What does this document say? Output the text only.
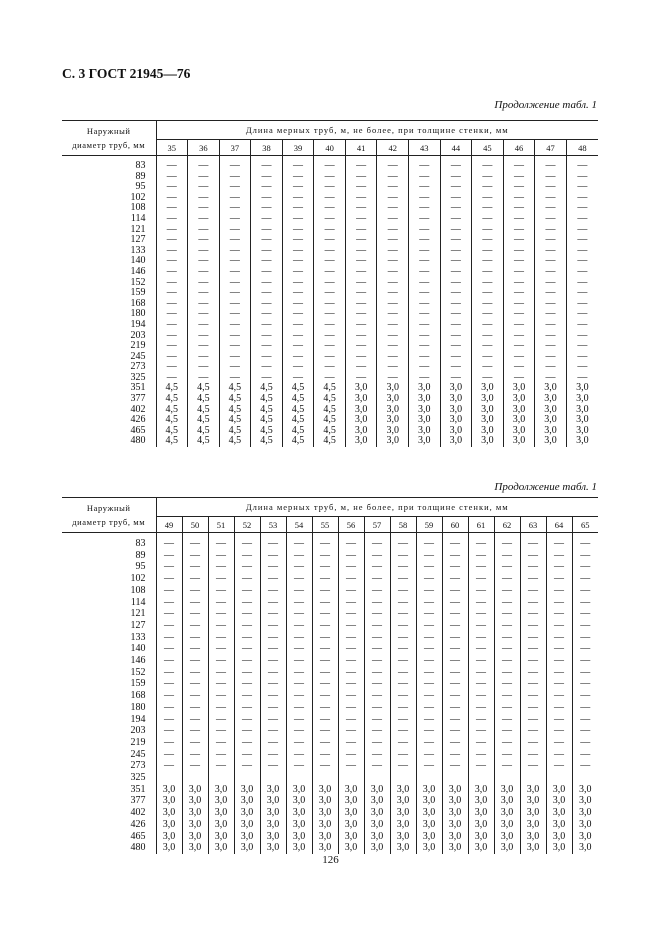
С. 3 ГОСТ 21945—76
Продолжение табл. 1
Наружный
диаметр труб, мм	Длина мерных труб, м, не более, при толщине стенки, мм													
	35	36	37	38	39	40	41	42	43	44	45	46	47	48

83	—	—	—	—	—	—	—	—	—	—	—	—	—	—
89	—	—	—	—	—	—	—	—	—	—	—	—	—	—
95	—	—	—	—	—	—	—	—	—	—	—	—	—	—
102	—	—	—	—	—	—	—	—	—	—	—	—	—	—
108	—	—	—	—	—	—	—	—	—	—	—	—	—	—
114	—	—	—	—	—	—	—	—	—	—	—	—	—	—
121	—	—	—	—	—	—	—	—	—	—	—	—	—	—
127	—	—	—	—	—	—	—	—	—	—	—	—	—	—
133	—	—	—	—	—	—	—	—	—	—	—	—	—	—
140	—	—	—	—	—	—	—	—	—	—	—	—	—	—
146	—	—	—	—	—	—	—	—	—	—	—	—	—	—
152	—	—	—	—	—	—	—	—	—	—	—	—	—	—
159	—	—	—	—	—	—	—	—	—	—	—	—	—	—
168	—	—	—	—	—	—	—	—	—	—	—	—	—	—
180	—	—	—	—	—	—	—	—	—	—	—	—	—	—
194	—	—	—	—	—	—	—	—	—	—	—	—	—	—
203	—	—	—	—	—	—	—	—	—	—	—	—	—	—
219	—	—	—	—	—	—	—	—	—	—	—	—	—	—
245	—	—	—	—	—	—	—	—	—	—	—	—	—	—
273	—	—	—	—	—	—	—	—	—	—	—	—	—	—
325	—	—	—	—	—	—	—	—	—	—	—	—	—	—
351	4,5	4,5	4,5	4,5	4,5	4,5	3,0	3,0	3,0	3,0	3,0	3,0	3,0	3,0
377	4,5	4,5	4,5	4,5	4,5	4,5	3,0	3,0	3,0	3,0	3,0	3,0	3,0	3,0
402	4,5	4,5	4,5	4,5	4,5	4,5	3,0	3,0	3,0	3,0	3,0	3,0	3,0	3,0
426	4,5	4,5	4,5	4,5	4,5	4,5	3,0	3,0	3,0	3,0	3,0	3,0	3,0	3,0
465	4,5	4,5	4,5	4,5	4,5	4,5	3,0	3,0	3,0	3,0	3,0	3,0	3,0	3,0
480	4,5	4,5	4,5	4,5	4,5	4,5	3,0	3,0	3,0	3,0	3,0	3,0	3,0	3,0
Продолжение табл. 1
Наружный
диаметр труб, мм	Длина мерных труб, м, не более, при толщине стенки, мм																
	49	50	51	52	53	54	55	56	57	58	59	60	61	62	63	64	65

83	—	—	—	—	—	—	—	—	—	—	—	—	—	—	—	—	—
89	—	—	—	—	—	—	—	—	—	—	—	—	—	—	—	—	—
95	—	—	—	—	—	—	—	—	—	—	—	—	—	—	—	—	—
102	—	—	—	—	—	—	—	—	—	—	—	—	—	—	—	—	—
108	—	—	—	—	—	—	—	—	—	—	—	—	—	—	—	—	—
114	—	—	—	—	—	—	—	—	—	—	—	—	—	—	—	—	—
121	—	—	—	—	—	—	—	—	—	—	—	—	—	—	—	—	—
127	—	—	—	—	—	—	—	—	—	—	—	—	—	—	—	—	—
133	—	—	—	—	—	—	—	—	—	—	—	—	—	—	—	—	—
140	—	—	—	—	—	—	—	—	—	—	—	—	—	—	—	—	—
146	—	—	—	—	—	—	—	—	—	—	—	—	—	—	—	—	—
152	—	—	—	—	—	—	—	—	—	—	—	—	—	—	—	—	—
159	—	—	—	—	—	—	—	—	—	—	—	—	—	—	—	—	—
168	—	—	—	—	—	—	—	—	—	—	—	—	—	—	—	—	—
180	—	—	—	—	—	—	—	—	—	—	—	—	—	—	—	—	—
194	—	—	—	—	—	—	—	—	—	—	—	—	—	—	—	—	—
203	—	—	—	—	—	—	—	—	—	—	—	—	—	—	—	—	—
219	—	—	—	—	—	—	—	—	—	—	—	—	—	—	—	—	—
245	—	—	—	—	—	—	—	—	—	—	—	—	—	—	—	—	—
273	—	—	—	—	—	—	—	—	—	—	—	—	—	—	—	—	—
325																	
351	3,0	3,0	3,0	3,0	3,0	3,0	3,0	3,0	3,0	3,0	3,0	3,0	3,0	3,0	3,0	3,0	3,0
377	3,0	3,0	3,0	3,0	3,0	3,0	3,0	3,0	3,0	3,0	3,0	3,0	3,0	3,0	3,0	3,0	3,0
402	3,0	3,0	3,0	3,0	3,0	3,0	3,0	3,0	3,0	3,0	3,0	3,0	3,0	3,0	3,0	3,0	3,0
426	3,0	3,0	3,0	3,0	3,0	3,0	3,0	3,0	3,0	3,0	3,0	3,0	3,0	3,0	3,0	3,0	3,0
465	3,0	3,0	3,0	3,0	3,0	3,0	3,0	3,0	3,0	3,0	3,0	3,0	3,0	3,0	3,0	3,0	3,0
480	3,0	3,0	3,0	3,0	3,0	3,0	3,0	3,0	3,0	3,0	3,0	3,0	3,0	3,0	3,0	3,0	3,0
126
